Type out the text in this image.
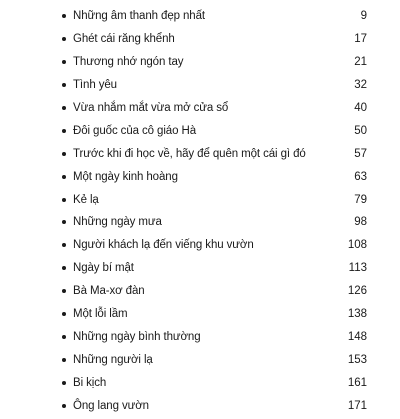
Những âm thanh đẹp nhất	9
Ghét cái răng khểnh	17
Thương nhớ ngón tay	21
Tình yêu	32
Vừa nhắm mắt vừa mở cửa sổ	40
Đôi guốc của cô giáo Hà	50
Trước khi đi học về, hãy để quên một cái gì đó	57
Một ngày kinh hoàng	63
Kẻ lạ	79
Những ngày mưa	98
Người khách lạ đến viếng khu vườn	108
Ngày bí mật	113
Bà Ma-xơ đàn	126
Một lỗi lầm	138
Những ngày bình thường	148
Những người lạ	153
Bi kịch	161
Ông lang vườn	171
